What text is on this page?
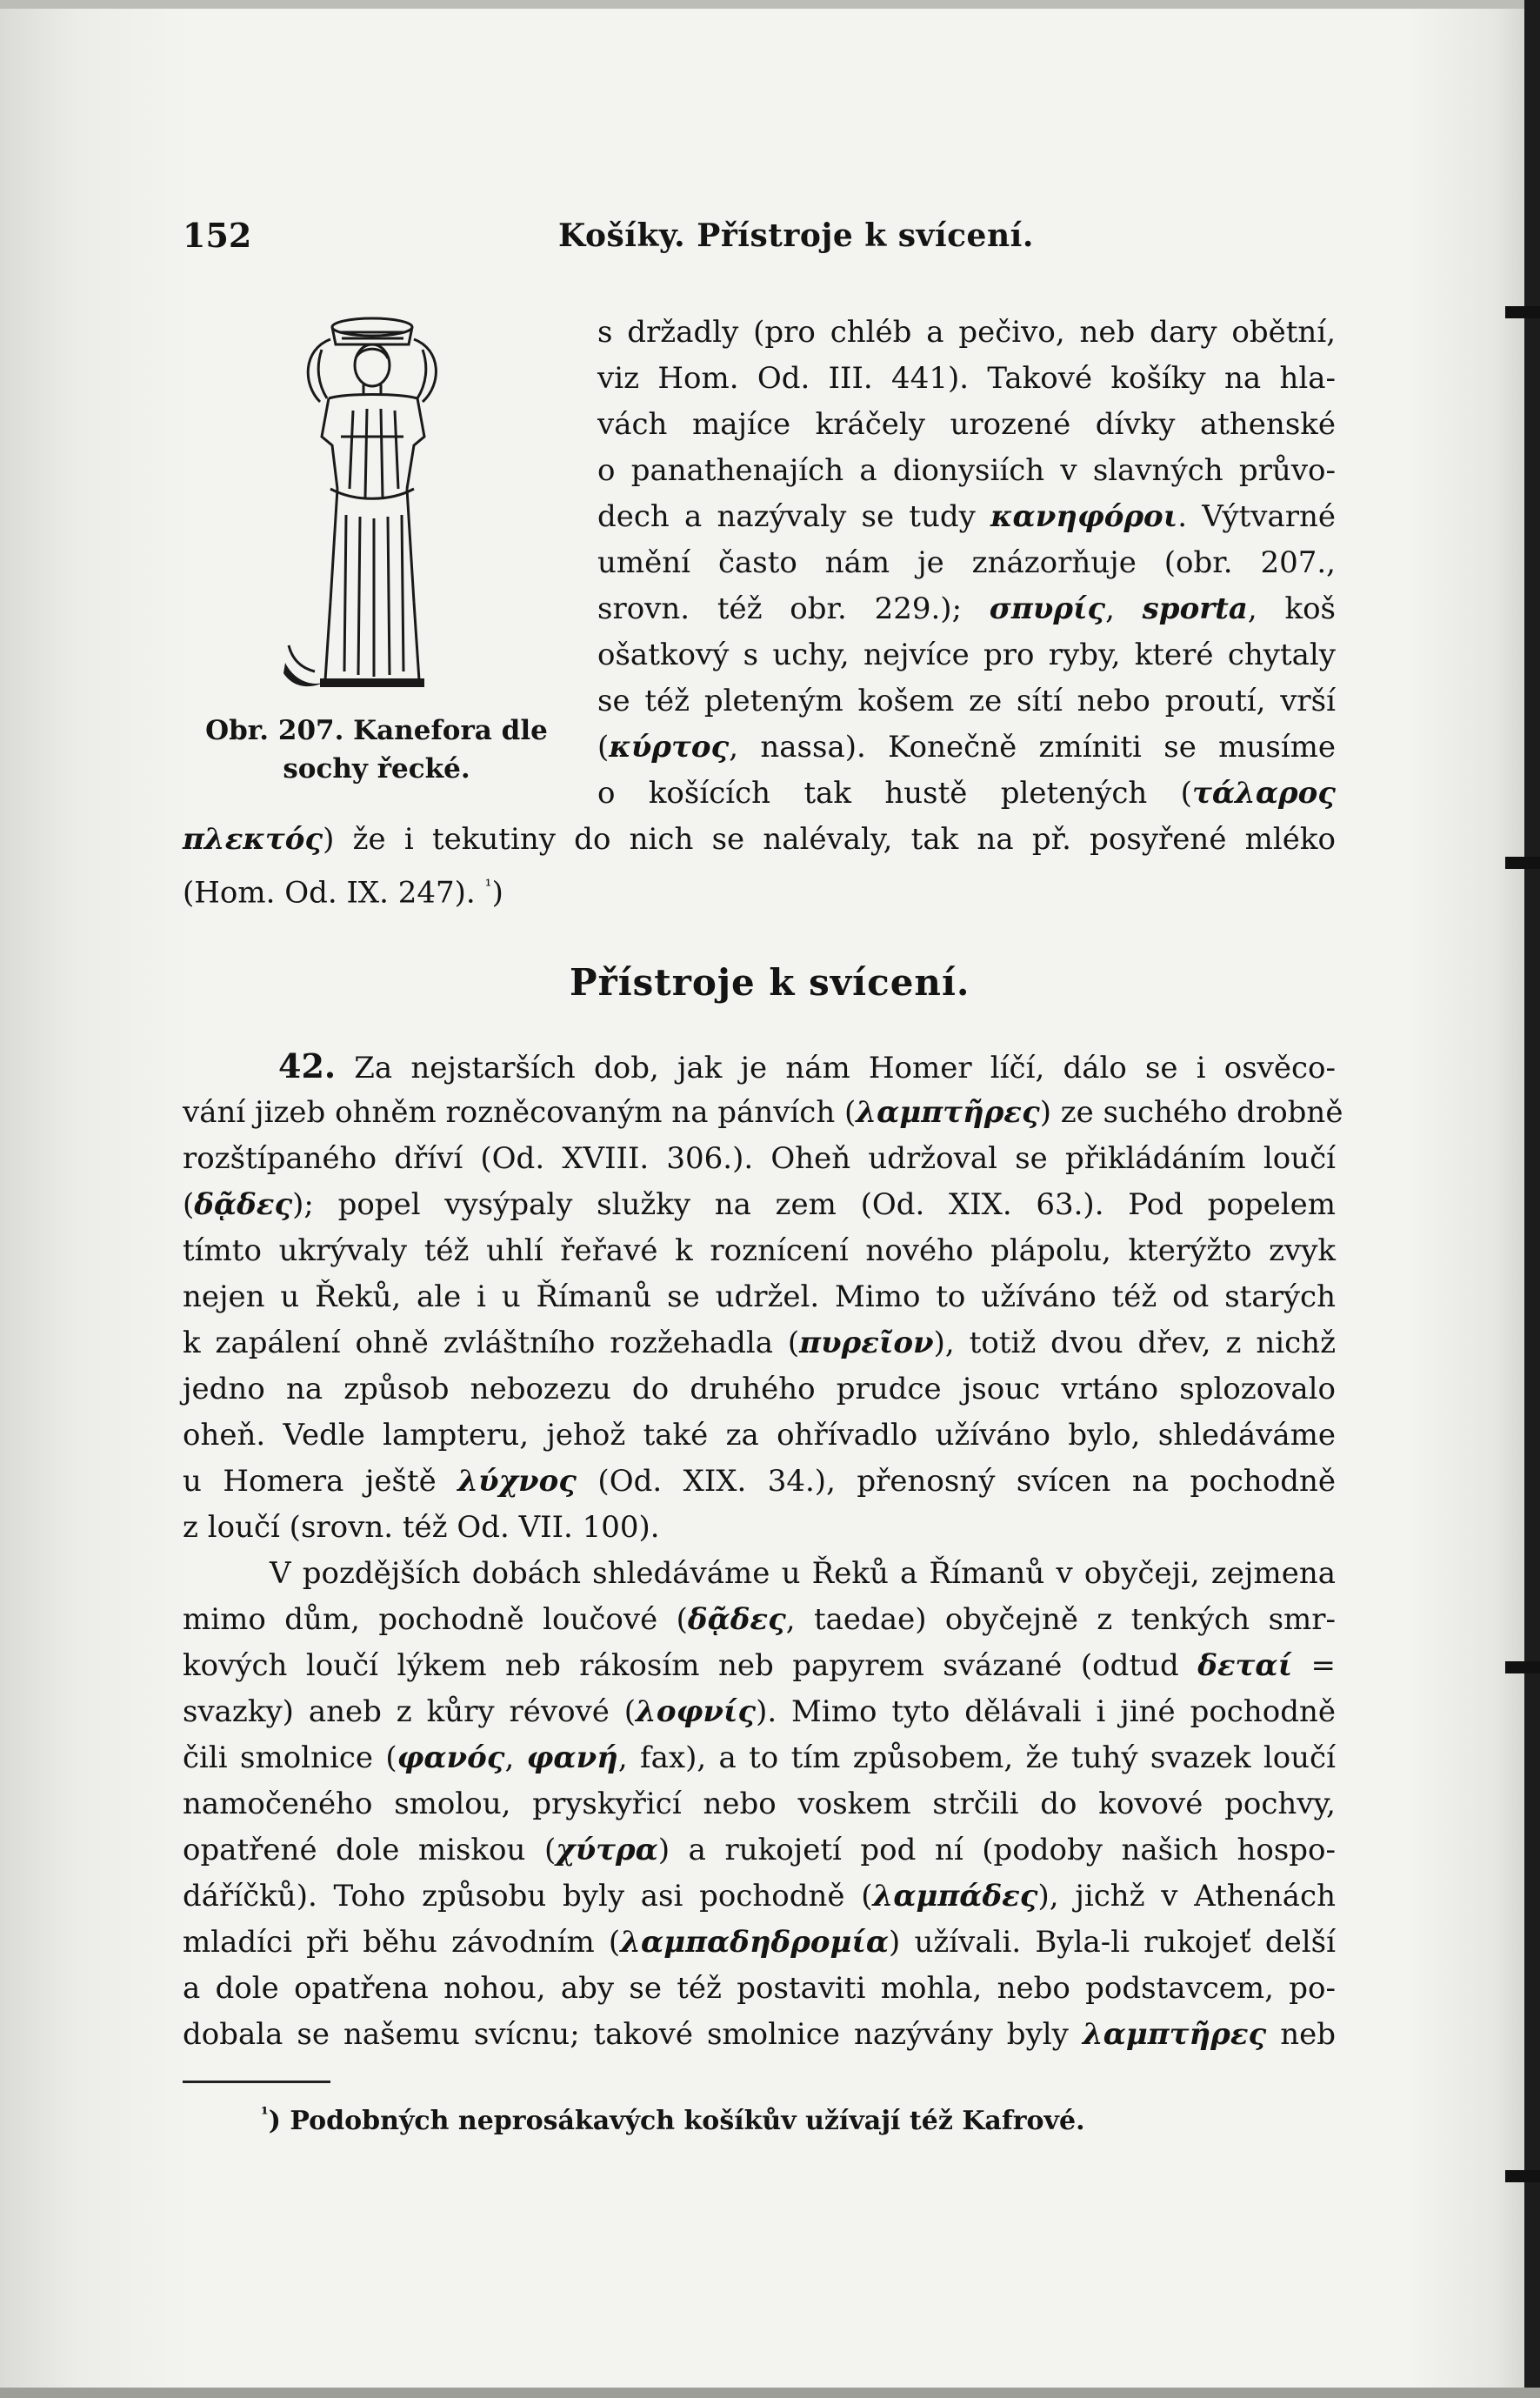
152	Košíky. Přístroje k svícení.
Obr. 207. Kanefora dle
sochy řecké.
s držadly (pro chléb a pečivo, neb dary obětní,
viz Hom. Od. III. 441). Takové košíky na hla-
vách majíce kráčely urozené dívky athenské
o panathenajích a dionysiích v slavných průvo-
dech a nazývaly se tudy κανηφόροι. Výtvarné
umění často nám je znázorňuje (obr. 207.,
srovn. též obr. 229.); σπυρίς, sporta, koš
ošatkový s uchy, nejvíce pro ryby, které chytaly
se též pleteným košem ze sítí nebo proutí, vrší
(κύρτος, nassa). Konečně zmíniti se musíme
o košících tak hustě pletených (τάλαρος
πλεκτός) že i tekutiny do nich se nalévaly, tak na př. posyřené mléko
(Hom. Od. IX. 247). $^{^1}$)
Přístroje k svícení.
42. Za nejstarších dob, jak je nám Homer líčí, dálo se i osvěco-
vání jizeb ohněm rozněcovaným na pánvích (λαμπτῆρες) ze suchého drobně
rozštípaného dříví (Od. XVIII. 306.). Oheň udržoval se přikládáním loučí
(δᾷδες); popel vysýpaly služky na zem (Od. XIX. 63.). Pod popelem
tímto ukrývaly též uhlí řeřavé k roznícení nového plápolu, kterýžto zvyk
nejen u Řeků, ale i u Římanů se udržel. Mimo to užíváno též od starých
k zapálení ohně zvláštního rozžehadla (πυρεῖον), totiž dvou dřev, z nichž
jedno na způsob nebozezu do druhého prudce jsouc vrtáno splozovalo
oheň. Vedle lampteru, jehož také za ohřívadlo užíváno bylo, shledáváme
u Homera ještě λύχνος (Od. XIX. 34.), přenosný svícen na pochodně
z loučí (srovn. též Od. VII. 100).
V pozdějších dobách shledáváme u Řeků a Římanů v obyčeji, zejmena
mimo dům, pochodně loučové (δᾷδες, taedae) obyčejně z tenkých smr-
kových loučí lýkem neb rákosím neb papyrem svázané (odtud δεταί =
svazky) aneb z kůry révové (λοφνίς). Mimo tyto dělávali i jiné pochodně
čili smolnice (φανός, φανή, fax), a to tím způsobem, že tuhý svazek loučí
namočeného smolou, pryskyřicí nebo voskem strčili do kovové pochvy,
opatřené dole miskou (χύτρα) a rukojetí pod ní (podoby našich hospo-
dáříčků). Toho způsobu byly asi pochodně (λαμπάδες), jichž v Athenách
mladíci při běhu závodním (λαμπαδηδρομία) užívali. Byla-li rukojeť delší
a dole opatřena nohou, aby se též postaviti mohla, nebo podstavcem, po-
dobala se našemu svícnu; takové smolnice nazývány byly λαμπτῆρες neb
$^{^1}$) Podobných neprosákavých košíkův užívají též Kafrové.
